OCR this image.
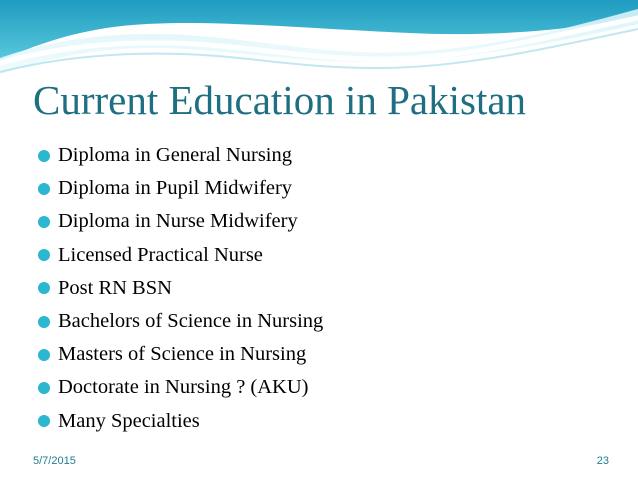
Current Education in Pakistan
Diploma in General Nursing
Diploma in Pupil Midwifery
Diploma in Nurse Midwifery
Licensed Practical Nurse
Post RN BSN
Bachelors of Science in Nursing
Masters of Science in Nursing
Doctorate in Nursing ? (AKU)
Many Specialties
5/7/2015	23
